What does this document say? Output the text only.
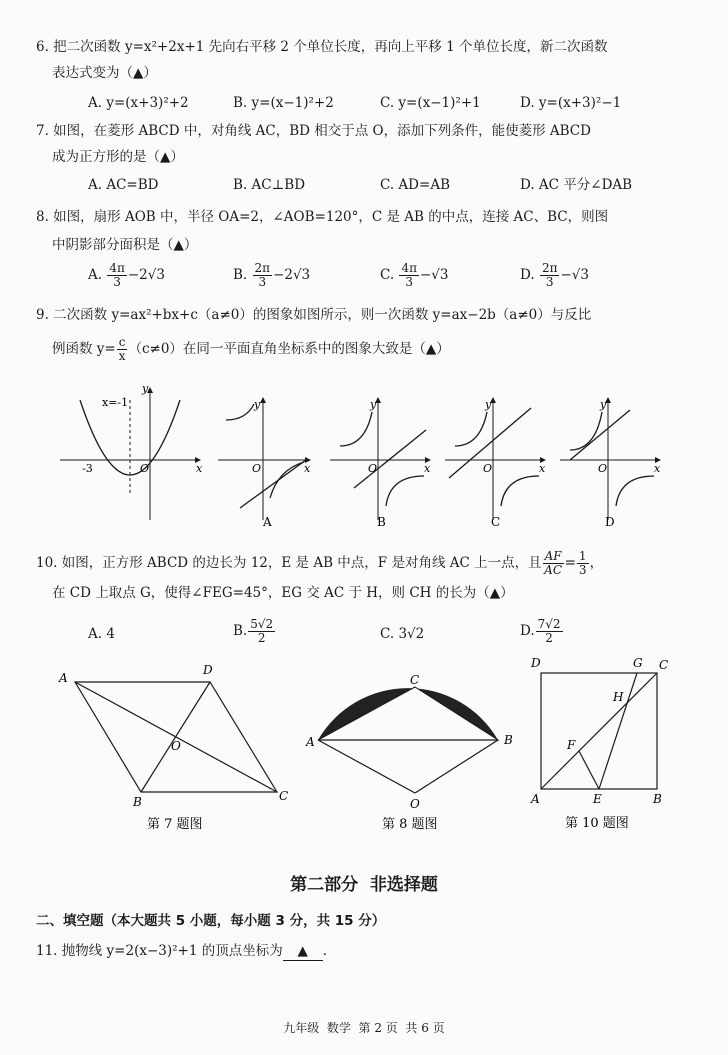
6. 把二次函数 y=x²+2x+1 先向右平移 2 个单位长度，再向上平移 1 个单位长度，新二次函数
表达式变为（▲）
A. y=(x+3)²+2	B. y=(x−1)²+2	C. y=(x−1)²+1	D. y=(x+3)²−1
7. 如图，在菱形 ABCD 中，对角线 AC，BD 相交于点 O，添加下列条件，能使菱形 ABCD
成为正方形的是（▲）
A. AC=BD	B. AC⊥BD	C. AD=AB	D. AC 平分∠DAB
8. 如图，扇形 AOB 中，半径 OA=2，∠AOB=120°，C 是 AB 的中点，连接 AC、BC，则图
中阴影部分面积是（▲）
A. $\frac{4\pi}{3} -2√3$	B. $\frac{2\pi}{3} -2√3$	C. $\frac{4\pi}{3} -√3$	D. $\frac{2\pi}{3} -√3$
9. 二次函数 y=ax²+bx+c（a≠0）的图象如图所示，则一次函数 y=ax−2b（a≠0）与反比
例函数 $y= \frac{c}{x} (c\ne 0)$在同一平面直角坐标系中的图象大致是（▲）
x=-1
-3	O	x
y
O	x
y
O	x
y
O	x
y
O	x
y
A	B	C	D
10. 如图，正方形 ABCD 的边长为 12，E 是 AB 中点，F 是对角线 AC 上一点，且 $\frac{AF}{AC} = \frac{1}{3}$ ，
在 CD 上取点 G，使得∠FEG=45°，EG 交 AC 于 H，则 CH 的长为（▲）
A. 4	B. $\frac{5√2}{2}$	C. 3√2	D. $\frac{7√2}{2}$
A
D
B	C
O
第 7 题图
A
C
B
O
第 8 题图
D	G C
H
F
A	E	B
第 10 题图
第二部分  非选择题
二、填空题（本大题共 5 小题，每小题 3 分，共 15 分）
11. 抛物线 y=2(x−3)²+1 的顶点坐标为 ▲ .
九年级  数学  第 2 页  共 6 页
